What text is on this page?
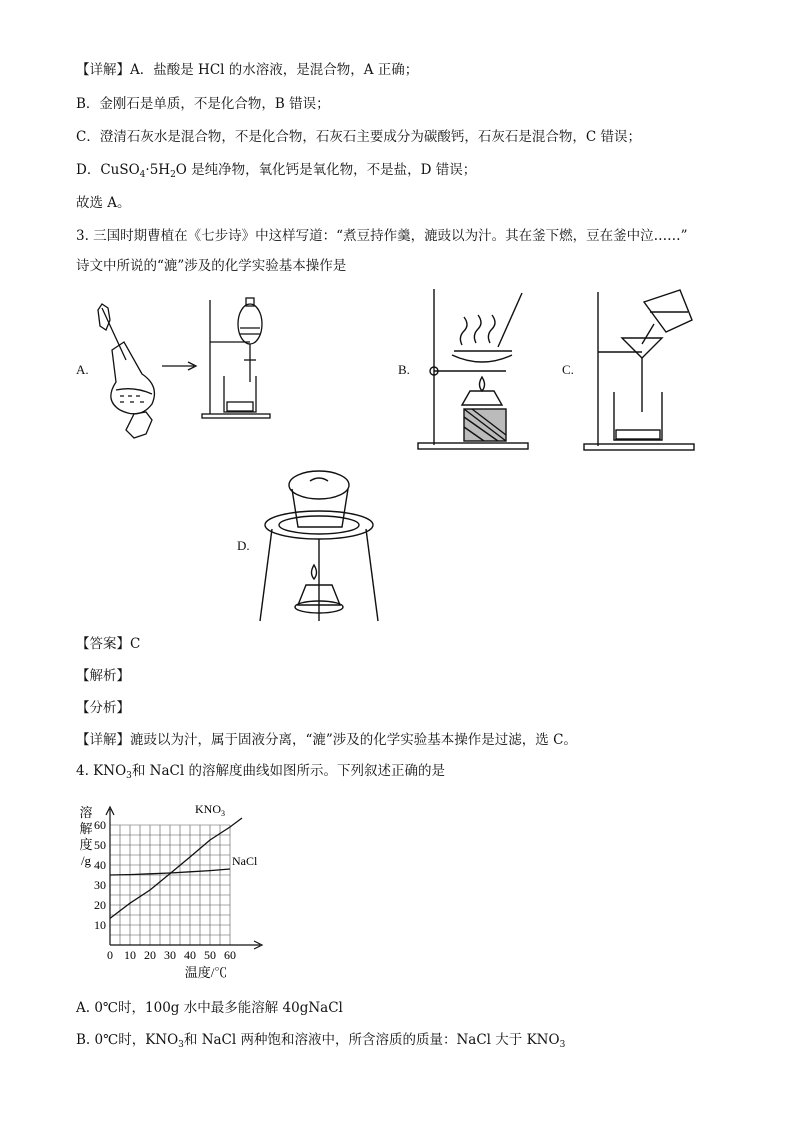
【详解】A．盐酸是 HCl 的水溶液，是混合物，A 正确；
B．金刚石是单质，不是化合物，B 错误；
C．澄清石灰水是混合物，不是化合物，石灰石主要成分为碳酸钙，石灰石是混合物，C 错误；
D．$CuSO_4\cdot 5H_2O$ 是纯净物，氧化钙是氧化物，不是盐，D 错误；
故选 A。
3. 三国时期曹植在《七步诗》中这样写道：“煮豆持作羹，漉豉以为汁。其在釜下燃，豆在釜中泣……”
诗文中所说的“漉”涉及的化学实验基本操作是
A.	B.	C.
D.
【答案】C
【解析】
【分析】
【详解】漉豉以为汁，属于固液分离，“漉”涉及的化学实验基本操作是过滤，选 C。
4. $KNO_3$和 NaCl 的溶解度曲线如图所示。下列叙述正确的是
10
20
30
40
50
60
0 10 20 30 40 50 60
溶
解
度
/g
温度/℃
$KNO_3$
NaCl
A. 0℃时，100g 水中最多能溶解 40gNaCl
B. 0℃时，$KNO_3$和 NaCl 两种饱和溶液中，所含溶质的质量：NaCl 大于 $KNO_3$
